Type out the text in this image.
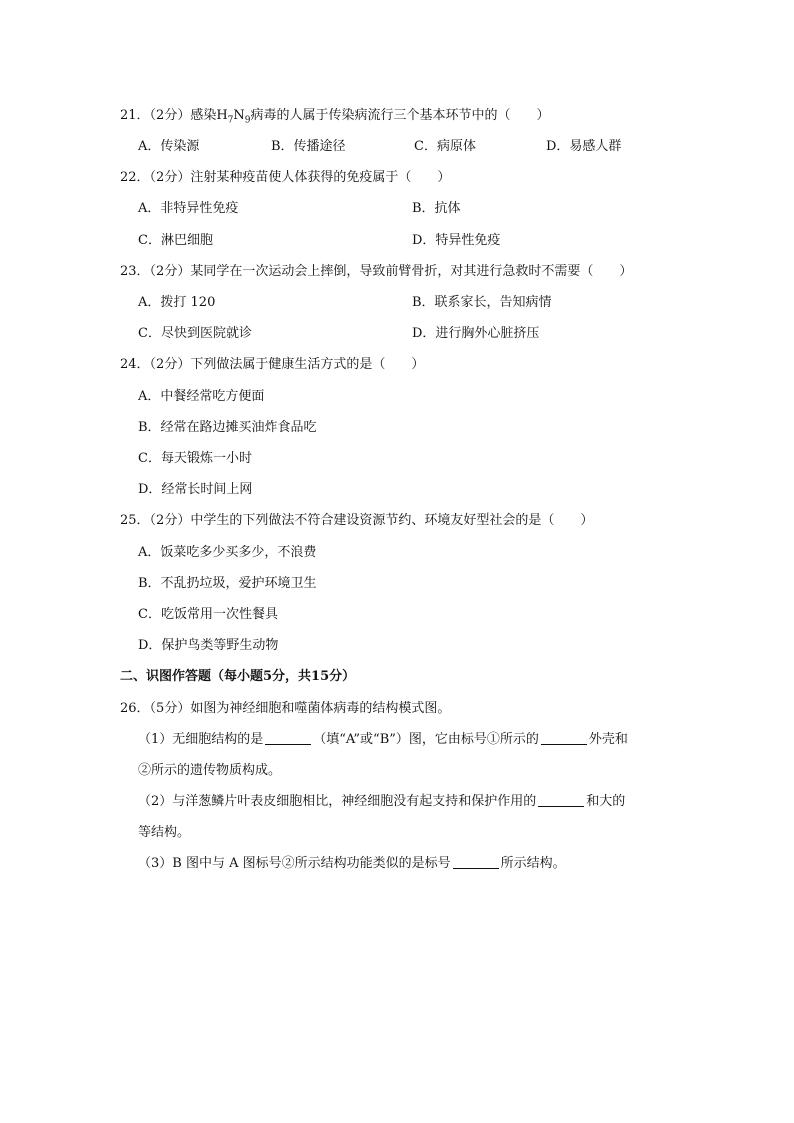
21．（2分）感染$H_7N_9$病毒的人属于传染病流行三个基本环节中的（　　）
A．传染源	B．传播途径	C．病原体	D．易感人群
22．（2分）注射某种疫苗使人体获得的免疫属于（　　）
A．非特异性免疫	B．抗体
C．淋巴细胞	D．特异性免疫
23．（2分）某同学在一次运动会上摔倒，导致前臂骨折，对其进行急救时不需要（　　）
A．拨打 120	B．联系家长，告知病情
C．尽快到医院就诊	D．进行胸外心脏挤压
24．（2分）下列做法属于健康生活方式的是（　　）
A．中餐经常吃方便面
B．经常在路边摊买油炸食品吃
C．每天锻炼一小时
D．经常长时间上网
25．（2分）中学生的下列做法不符合建设资源节约、环境友好型社会的是（　　）
A．饭菜吃多少买多少，不浪费
B．不乱扔垃圾，爱护环境卫生
C．吃饭常用一次性餐具
D．保护鸟类等野生动物
二、识图作答题（每小题5分，共15分）
26．（5分）如图为神经细胞和噬菌体病毒的结构模式图。
（1）无细胞结构的是	（填“A”或“B”）图，它由标号①所示的	外壳和
②所示的遗传物质构成。
（2）与洋葱鳞片叶表皮细胞相比，神经细胞没有起支持和保护作用的	和大的
等结构。
（3）B 图中与 A 图标号②所示结构功能类似的是标号	所示结构。
